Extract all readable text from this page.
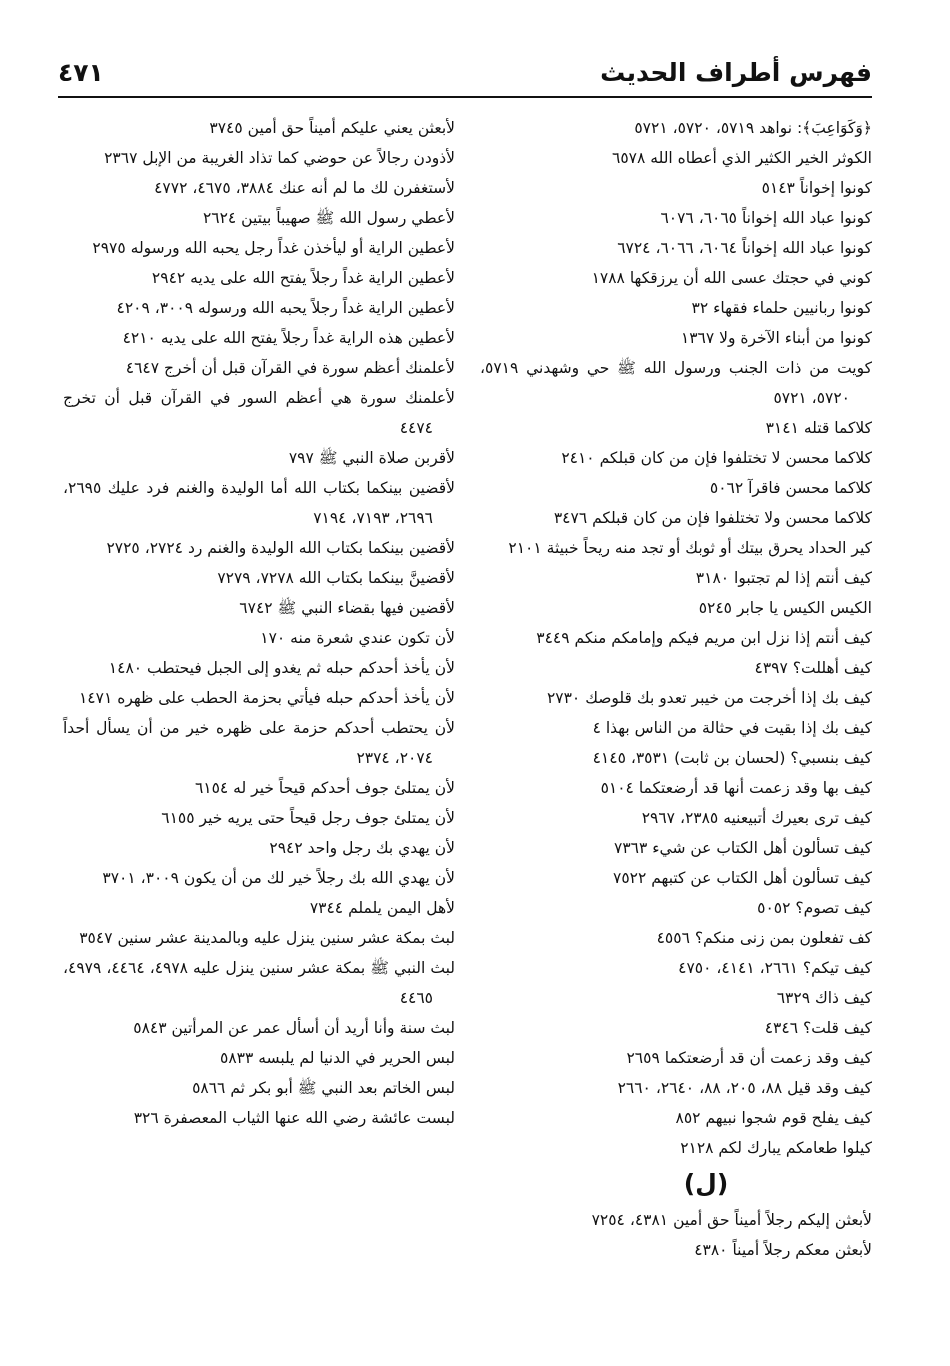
فهرس أطراف الحديث
٤٧١
﴿وَكَوَاعِبَ﴾: نواهد ٥٧١٩، ٥٧٢٠، ٥٧٢١
الكوثر الخير الكثير الذي أعطاه الله ٦٥٧٨
كونوا إخواناً ٥١٤٣
كونوا عباد الله إخواناً ٦٠٦٥، ٦٠٧٦
كونوا عباد الله إخواناً ٦٠٦٤، ٦٠٦٦، ٦٧٢٤
كوني في حجتك عسى الله أن يرزقكها ١٧٨٨
كونوا ربانيين حلماء فقهاء ٣٢
كونوا من أبناء الآخرة ولا ١٣٦٧
كويت من ذات الجنب ورسول الله ﷺ حي وشهدني ٥٧١٩، ٥٧٢٠، ٥٧٢١
كلاكما قتله ٣١٤١
كلاكما محسن لا تختلفوا فإن من كان قبلكم ٢٤١٠
كلاكما محسن فاقرآ ٥٠٦٢
كلاكما محسن ولا تختلفوا فإن من كان قبلكم ٣٤٧٦
كير الحداد يحرق بيتك أو ثوبك أو تجد منه ريحاً خبيثة ٢١٠١
كيف أنتم إذا لم تجتبوا ٣١٨٠
الكيس الكيس يا جابر ٥٢٤٥
كيف أنتم إذا نزل ابن مريم فيكم وإمامكم منكم ٣٤٤٩
كيف أهللت؟ ٤٣٩٧
كيف بك إذا أخرجت من خيبر تعدو بك قلوصك ٢٧٣٠
كيف بك إذا بقيت في حثالة من الناس بهذا ٤
كيف بنسبي؟ (لحسان بن ثابت) ٣٥٣١، ٤١٤٥
كيف بها وقد زعمت أنها قد أرضعتكما ٥١٠٤
كيف ترى بعيرك أتبيعنيه ٢٣٨٥، ٢٩٦٧
كيف تسألون أهل الكتاب عن شيء ٧٣٦٣
كيف تسألون أهل الكتاب عن كتبهم ٧٥٢٢
كيف تصوم؟ ٥٠٥٢
كف تفعلون بمن زنى منكم؟ ٤٥٥٦
كيف تيكم؟ ٢٦٦١، ٤١٤١، ٤٧٥٠
كيف ذاك ٦٣٢٩
كيف قلت؟ ٤٣٤٦
كيف وقد زعمت أن قد أرضعتكما ٢٦٥٩
كيف وقد قيل ٨٨، ٢٠٥، ٨٨، ٢٦٤٠، ٢٦٦٠
كيف يفلح قوم شجوا نبيهم ٨٥٢
كيلوا طعامكم يبارك لكم ٢١٢٨
(ل)
لأبعثن إليكم رجلاً أميناً حق أمين ٤٣٨١، ٧٢٥٤
لأبعثن معكم رجلاً أميناً ٤٣٨٠
لأبعثن يعني عليكم أميناً حق أمين ٣٧٤٥
لأذودن رجالاً عن حوضي كما تذاد الغريبة من الإبل ٢٣٦٧
لأستغفرن لك ما لم أنه عنك ٣٨٨٤، ٤٦٧٥، ٤٧٧٢
لأعطي رسول الله ﷺ صهيباً بيتين ٢٦٢٤
لأعطين الراية أو ليأخذن غداً رجل يحبه الله ورسوله ٢٩٧٥
لأعطين الراية غداً رجلاً يفتح الله على يديه ٢٩٤٢
لأعطين الراية غداً رجلاً يحبه الله ورسوله ٣٠٠٩، ٤٢٠٩
لأعطين هذه الراية غداً رجلاً يفتح الله على يديه ٤٢١٠
لأعلمنك أعظم سورة في القرآن قبل أن أخرج ٤٦٤٧
لأعلمنك سورة هي أعظم السور في القرآن قبل أن تخرج ٤٤٧٤
لأقربن صلاة النبي ﷺ ٧٩٧
لأقضين بينكما بكتاب الله أما الوليدة والغنم فرد عليك ٢٦٩٥، ٢٦٩٦، ٧١٩٣، ٧١٩٤
لأقضين بينكما بكتاب الله الوليدة والغنم رد ٢٧٢٤، ٢٧٢٥
لأقضينَّ بينكما بكتاب الله ٧٢٧٨، ٧٢٧٩
لأقضين فيها بقضاء النبي ﷺ ٦٧٤٢
لأن تكون عندي شعرة منه ١٧٠
لأن يأخذ أحدكم حبله ثم يغدو إلى الجبل فيحتطب ١٤٨٠
لأن يأخذ أحدكم حبله فيأتي بحزمة الحطب على ظهره ١٤٧١
لأن يحتطب أحدكم حزمة على ظهره خير من أن يسأل أحداً ٢٠٧٤، ٢٣٧٤
لأن يمتلئ جوف أحدكم قيحاً خير له ٦١٥٤
لأن يمتلئ جوف رجل قيحاً حتى يريه خير ٦١٥٥
لأن يهدي بك رجل واحد ٢٩٤٢
لأن يهدي الله بك رجلاً خير لك من أن يكون ٣٠٠٩، ٣٧٠١
لأهل اليمن يلملم ٧٣٤٤
لبث بمكة عشر سنين ينزل عليه وبالمدينة عشر سنين ٣٥٤٧
لبث النبي ﷺ بمكة عشر سنين ينزل عليه ٤٩٧٨، ٤٤٦٤، ٤٩٧٩، ٤٤٦٥
لبث سنة وأنا أريد أن أسأل عمر عن المرأتين ٥٨٤٣
لبس الحرير في الدنيا لم يلبسه ٥٨٣٣
لبس الخاتم بعد النبي ﷺ أبو بكر ثم ٥٨٦٦
لبست عائشة رضي الله عنها الثياب المعصفرة ٣٢٦
